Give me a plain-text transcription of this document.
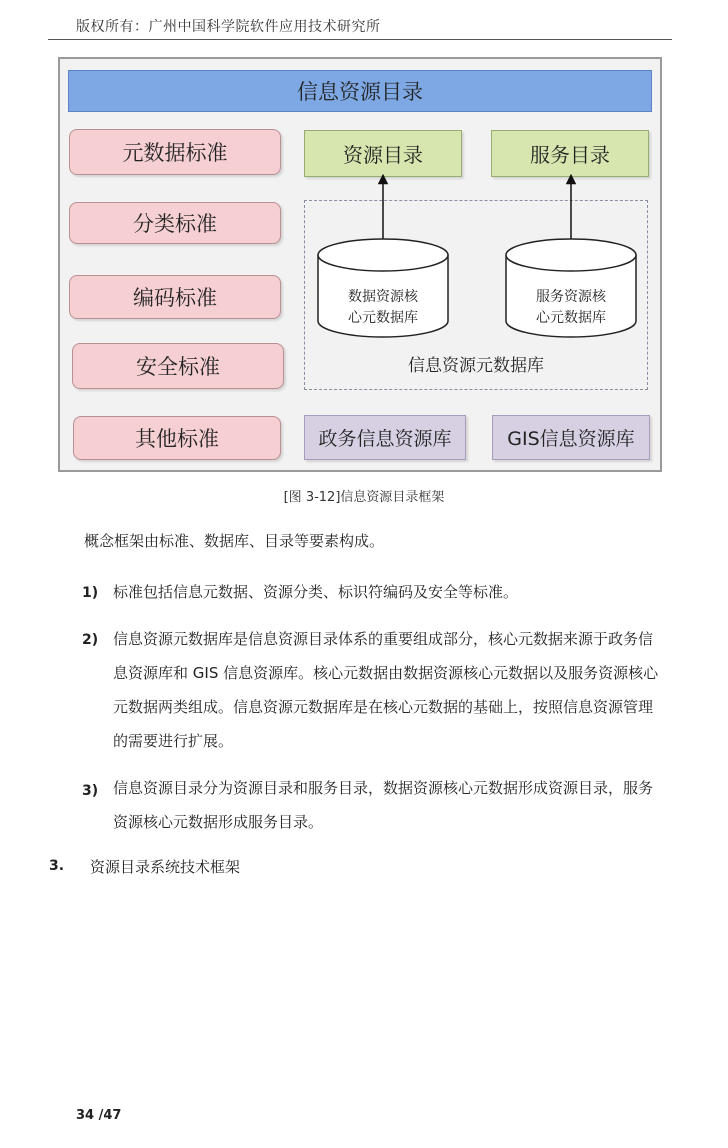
版权所有：广州中国科学院软件应用技术研究所
信息资源目录
元数据标准
分类标准
编码标准
安全标准
其他标准
资源目录	服务目录
数据资源核
心元数据库
服务资源核
心元数据库
信息资源元数据库
政务信息资源库	GIS信息资源库
[图 3-12]信息资源目录框架
概念框架由标准、数据库、目录等要素构成。
1) 标准包括信息元数据、资源分类、标识符编码及安全等标准。
2) 信息资源元数据库是信息资源目录体系的重要组成部分，核心元数据来源于政务信
息资源库和 GIS 信息资源库。核心元数据由数据资源核心元数据以及服务资源核心
元数据两类组成。信息资源元数据库是在核心元数据的基础上，按照信息资源管理
的需要进行扩展。
3) 信息资源目录分为资源目录和服务目录，数据资源核心元数据形成资源目录，服务
资源核心元数据形成服务目录。
3. 资源目录系统技术框架
34 /47
